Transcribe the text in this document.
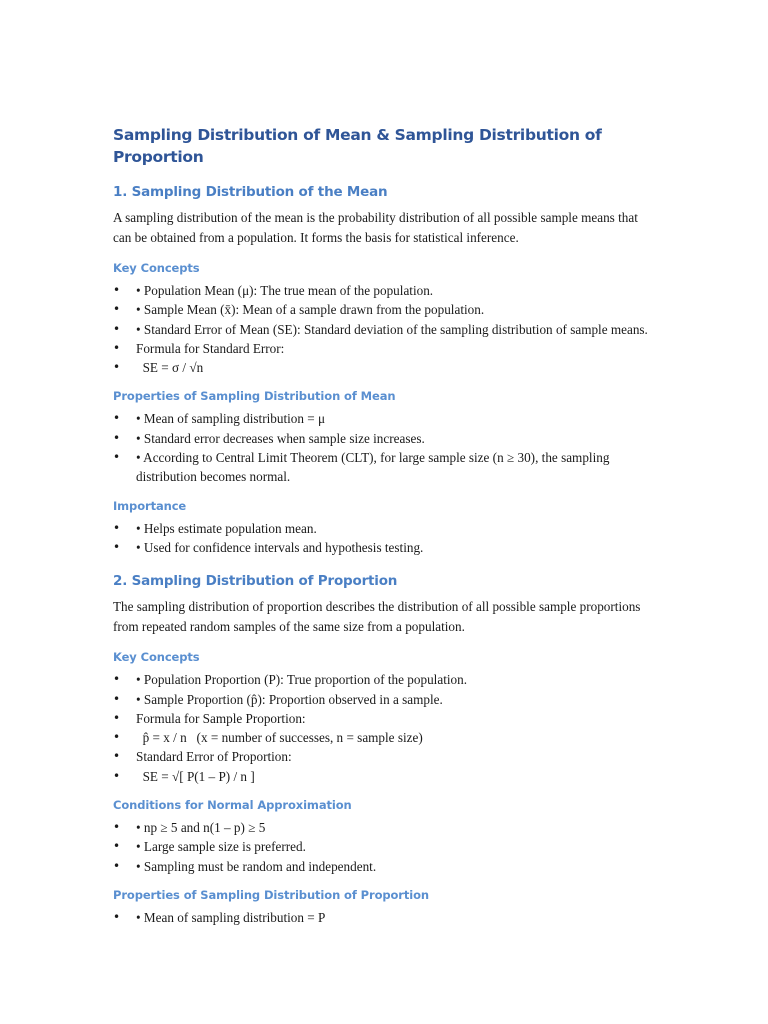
Sampling Distribution of Mean & Sampling Distribution of Proportion
1. Sampling Distribution of the Mean

A sampling distribution of the mean is the probability distribution of all possible sample means that can be obtained from a population. It forms the basis for statistical inference.

Key Concepts
• • Population Mean (μ): The true mean of the population.
• • Sample Mean (x̄): Mean of a sample drawn from the population.
• • Standard Error of Mean (SE): Standard deviation of the sampling distribution of sample means.
• Formula for Standard Error:
• SE = σ / √n
Properties of Sampling Distribution of Mean
• • Mean of sampling distribution = μ
• • Standard error decreases when sample size increases.
• • According to Central Limit Theorem (CLT), for large sample size (n ≥ 30), the sampling distribution becomes normal.
Importance
• • Helps estimate population mean.
• • Used for confidence intervals and hypothesis testing.
2. Sampling Distribution of Proportion

The sampling distribution of proportion describes the distribution of all possible sample proportions from repeated random samples of the same size from a population.

Key Concepts
• • Population Proportion (P): True proportion of the population.
• • Sample Proportion (p̂): Proportion observed in a sample.
• Formula for Sample Proportion:
• p̂ = x / n   (x = number of successes, n = sample size)
• Standard Error of Proportion:
• SE = √[ P(1 – P) / n ]
Conditions for Normal Approximation
• • np ≥ 5 and n(1 – p) ≥ 5
• • Large sample size is preferred.
• • Sampling must be random and independent.
Properties of Sampling Distribution of Proportion
• • Mean of sampling distribution = P
